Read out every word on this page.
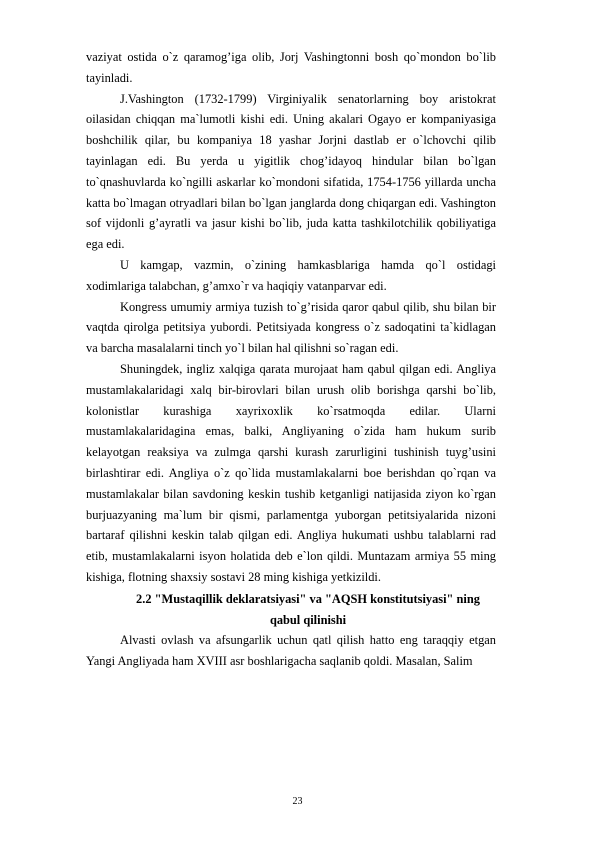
vaziyat ostida o`z qaramog’iga olib, Jorj Vashingtonni bosh qo`mondon bo`lib tayinladi.

J.Vashington (1732-1799) Virginiyalik senatorlarning boy aristokrat oilasidan chiqqan ma`lumotli kishi edi. Uning akalari Ogayo er kompaniyasiga boshchilik qilar, bu kompaniya 18 yashar Jorjni dastlab er o`lchovchi qilib tayinlagan edi. Bu yerda u yigitlik chog’idayoq hindular bilan bo`lgan to`qnashuvlarda ko`ngilli askarlar ko`mondoni sifatida, 1754-1756 yillarda uncha katta bo`lmagan otryadlari bilan bo`lgan janglarda dong chiqargan edi. Vashington sof vijdonli g’ayratli va jasur kishi bo`lib, juda katta tashkilotchilik qobiliyatiga ega edi.

U kamgap, vazmin, o`zining hamkasblariga hamda qo`l ostidagi xodimlariga talabchan, g’amxo`r va haqiqiy vatanparvar edi.

Kongress umumiy armiya tuzish to`g’risida qaror qabul qilib, shu bilan bir vaqtda qirolga petitsiya yubordi. Petitsiyada kongress o`z sadoqatini ta`kidlagan va barcha masalalarni tinch yo`l bilan hal qilishni so`ragan edi.

Shuningdek, ingliz xalqiga qarata murojaat ham qabul qilgan edi. Angliya mustamlakalaridagi xalq bir-birovlari bilan urush olib borishga qarshi bo`lib, kolonistlar kurashiga xayrixoxlik ko`rsatmoqda edilar. Ularni mustamlakalaridagina emas, balki, Angliyaning o`zida ham hukum surib kelayotgan reaksiya va zulmga qarshi kurash zarurligini tushinish tuyg’usini birlashtirar edi. Angliya o`z qo`lida mustamlakalarni boe berishdan qo`rqan va mustamlakalar bilan savdoning keskin tushib ketganligi natijasida ziyon ko`rgan burjuazyaning ma`lum bir qismi, parlamentga yuborgan petitsiyalarida nizoni bartaraf qilishni keskin talab qilgan edi. Angliya hukumati ushbu talablarni rad etib, mustamlakalarni isyon holatida deb e`lon qildi. Muntazam armiya 55 ming kishiga, flotning shaxsiy sostavi 28 ming kishiga yetkizildi.

2.2 "Mustaqillik deklaratsiyasi" va "AQSH konstitutsiyasi" ning qabul qilinishi

Alvasti ovlash va afsungarlik uchun qatl qilish hatto eng taraqqiy etgan Yangi Angliyada ham XVIII asr boshlarigacha saqlanib qoldi. Masalan, Salim

23
